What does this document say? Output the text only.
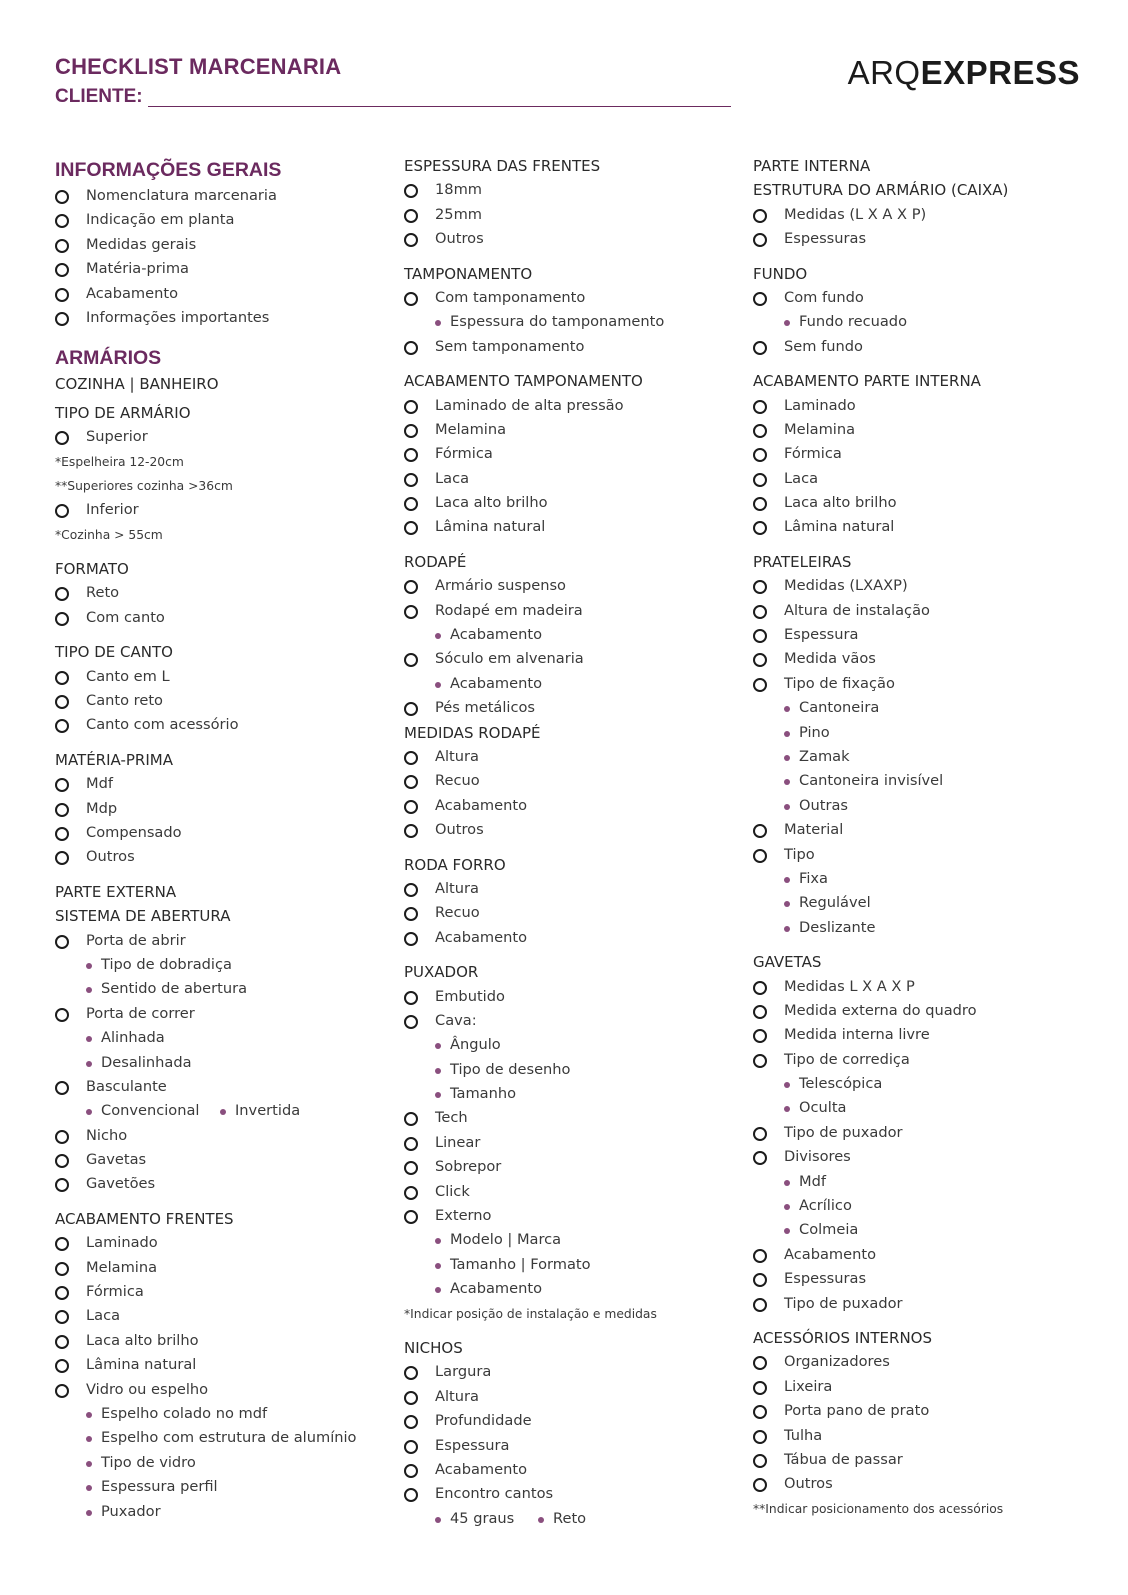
CHECKLIST MARCENARIA
CLIENTE:
ARQEXPRESS
INFORMAÇÕES GERAIS
Nomenclatura marcenaria
Indicação em planta
Medidas gerais
Matéria-prima
Acabamento
Informações importantes
ARMÁRIOS
COZINHA | BANHEIRO
TIPO DE ARMÁRIO
Superior
*Espelheira 12-20cm
**Superiores cozinha >36cm
Inferior
*Cozinha > 55cm
FORMATO
Reto
Com canto
TIPO DE CANTO
Canto em L
Canto reto
Canto com acessório
MATÉRIA-PRIMA
Mdf
Mdp
Compensado
Outros
PARTE EXTERNA
SISTEMA DE ABERTURA
Porta de abrir
Tipo de dobradiça
Sentido de abertura
Porta de correr
Alinhada
Desalinhada
Basculante
Convencional Invertida
Nicho
Gavetas
Gavetões
ACABAMENTO FRENTES
Laminado
Melamina
Fórmica
Laca
Laca alto brilho
Lâmina natural
Vidro ou espelho
Espelho colado no mdf
Espelho com estrutura de alumínio
Tipo de vidro
Espessura perfil
Puxador
ESPESSURA DAS FRENTES
18mm
25mm
Outros
TAMPONAMENTO
Com tamponamento
Espessura do tamponamento
Sem tamponamento
ACABAMENTO TAMPONAMENTO
Laminado de alta pressão
Melamina
Fórmica
Laca
Laca alto brilho
Lâmina natural
RODAPÉ
Armário suspenso
Rodapé em madeira
Acabamento
Sóculo em alvenaria
Acabamento
Pés metálicos
MEDIDAS RODAPÉ
Altura
Recuo
Acabamento
Outros
RODA FORRO
Altura
Recuo
Acabamento
PUXADOR
Embutido
Cava:
Ângulo
Tipo de desenho
Tamanho
Tech
Linear
Sobrepor
Click
Externo
Modelo | Marca
Tamanho | Formato
Acabamento
*Indicar posição de instalação e medidas
NICHOS
Largura
Altura
Profundidade
Espessura
Acabamento
Encontro cantos
45 graus	Reto
PARTE INTERNA
ESTRUTURA DO ARMÁRIO (CAIXA)
Medidas (L X A X P)
Espessuras
FUNDO
Com fundo
Fundo recuado
Sem fundo
ACABAMENTO PARTE INTERNA
Laminado
Melamina
Fórmica
Laca
Laca alto brilho
Lâmina natural
PRATELEIRAS
Medidas (LXAXP)
Altura de instalação
Espessura
Medida vãos
Tipo de fixação
Cantoneira
Pino
Zamak
Cantoneira invisível
Outras
Material
Tipo
Fixa
Regulável
Deslizante
GAVETAS
Medidas L X A X P
Medida externa do quadro
Medida interna livre
Tipo de corrediça
Telescópica
Oculta
Tipo de puxador
Divisores
Mdf
Acrílico
Colmeia
Acabamento
Espessuras
Tipo de puxador
ACESSÓRIOS INTERNOS
Organizadores
Lixeira
Porta pano de prato
Tulha
Tábua de passar
Outros
**Indicar posicionamento dos acessórios
